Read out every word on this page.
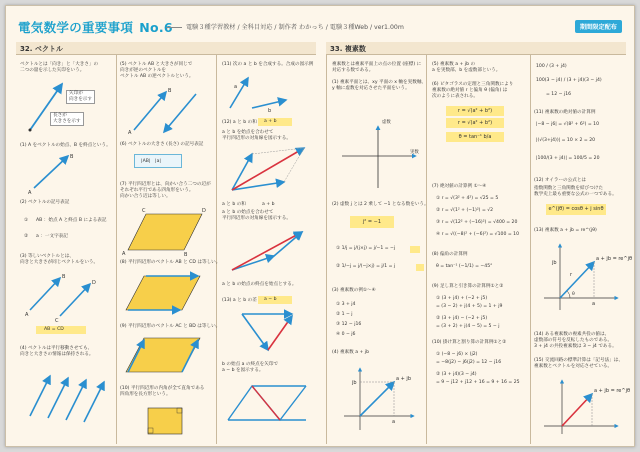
電気数学の重要事項 No.6	電験３種学習教材 / 全科目対応 / 制作者 わかっち / 電験３種Web / ver1.00m	期間限定配布
32. ベクトル	33. 複素数
ベクトルとは「向き」と「大きさ」の
二つの量を示した矢印をいう。
矢印が
向きを示す
長さが
大きさを示す
(1) A をベクトルの始点、B を終点という。
A
B
(2) ベクトルの記号表記
① AB ：始点 A と終点 B による表記
② a ：一文字表記
(3) 等しいベクトルとは、
向きと大きさが同じベクトルをいう。
A
B
C
D
AB = CD
(4) ベクトルは平行移動させても、
向きと大きさの情報は保持される。
(5) ベクトル AB と大きさが同じで
向きが逆のベクトルを
ベクトル AB の逆ベクトルという。
A
B
(6) ベクトルの大きさ (長さ) の記号表記
|AB|　|a|
(7) 平行四辺形とは、向かい合う二つの辺が
それぞれ平行である四角形をいう。
向かい合う辺は等しい。
C	D
A	B
(8) 平行四辺形のベクトル AB と CD は等しい。
(9) 平行四辺形のベクトル AC と BD は等しい。
(10) 平行四辺形の内角が全て直角である
四角形を長方形という。
(11) 次の a と b を合成する。合成の図示例
a
b
(12) a と b の和 a + b
a と b を始点を合わせて
平行四辺形の対角線を図示する。
a と b の和	a + b
a と b の始点を合わせて
平行四辺形の対角線を図示する。
a と b の始点の終点を始点とする。
(13) a と b の差 a − b
b の始点 a の終点を矢印で
a − b を図示する。
複素数とは複素平面上の点の位置 (座標) に
対応する数である。
(1) 複素平面とは、xy 平面の x 軸を実数軸、
y 軸に虚数を対応させた平面をいう。
実数
虚数
(2) 虚数 j とは 2 乗して −1 となる数をいう。
j² = −1
① 1/j = j/(j×j) = j/−1 = −j
② 1/−j = j/(−j×j) = j/1 = j
(3) 複素数の例①〜④
① 3 + j4
② 1 − j
③ 12 − j16
④ 0 − j6
(4) 複素数 a + jb
jb
a
a + jb
(5) 複素数 a + jb の
a を実数部、b を虚数部という。
(6) ピタゴラスの定理と三角関数により
複素数の絶対値 r と偏角 θ (偏角) は
次のように表される。
r = √(a² + b²)
r = √(a² + b²)
θ = tan⁻¹ b/a
(7) 絶対値の計算例 ①〜④
① r = √(3² + 4²) = √25 = 5
② r = √(1² + (−1)²) = √2
③ r = √(12² + (−16)²) = √400 = 20
④ r = √((−8)² + (−6)²) = √100 = 10
(8) 偏角の計算例
θ = tan⁻¹ (−1/1) = −45°
(9) 足し算と引き算の計算例①と②
① (3 + j4) + (−2 + j5)
= (3 − 2) + j(4 + 5) = 1 + j9
② (3 + j4) − (−2 + j5)
= (3 + 2) + j(4 − 5) = 5 − j
(10) 掛け算と割り算の計算例①と②
① (−8 − j6) × (j2)
= −8(j2) − j6(j2) = 12 − j16
② (3 + j4)(3 − j4)
= 9 − j12 + j12 + 16 = 9 + 16 = 25
100 / (3 + j4)
100(3 − j4) / (3 + j4)(3 − j4)
= 12 − j16
(11) 複素数の絶対値の計算例
|−8 − j6| = √(8² + 6²) = 10
|(√(3+j4))| = 10 × 2 = 20
|100/(3 + j4)| = 100/5 = 20
(12) オイラーの公式とは
指数関数と三角関数を結びつけた
数学史上最も重要な公式の一つである。
e^(jθ) = cosθ + j sinθ
(13) 複素数 a + jb = re^(jθ)
jb
a
r
θ
a + jb = re^jθ
(14) ある複素数の複素共役の値は、
虚数部の符号を反転したものである。
3 + j4 の共役複素数は 3 − j4 である。
(15) 交流回路の標準計算は「記号法」は、
複素数とベクトルを対応させている。
a + jb = re^jθ
